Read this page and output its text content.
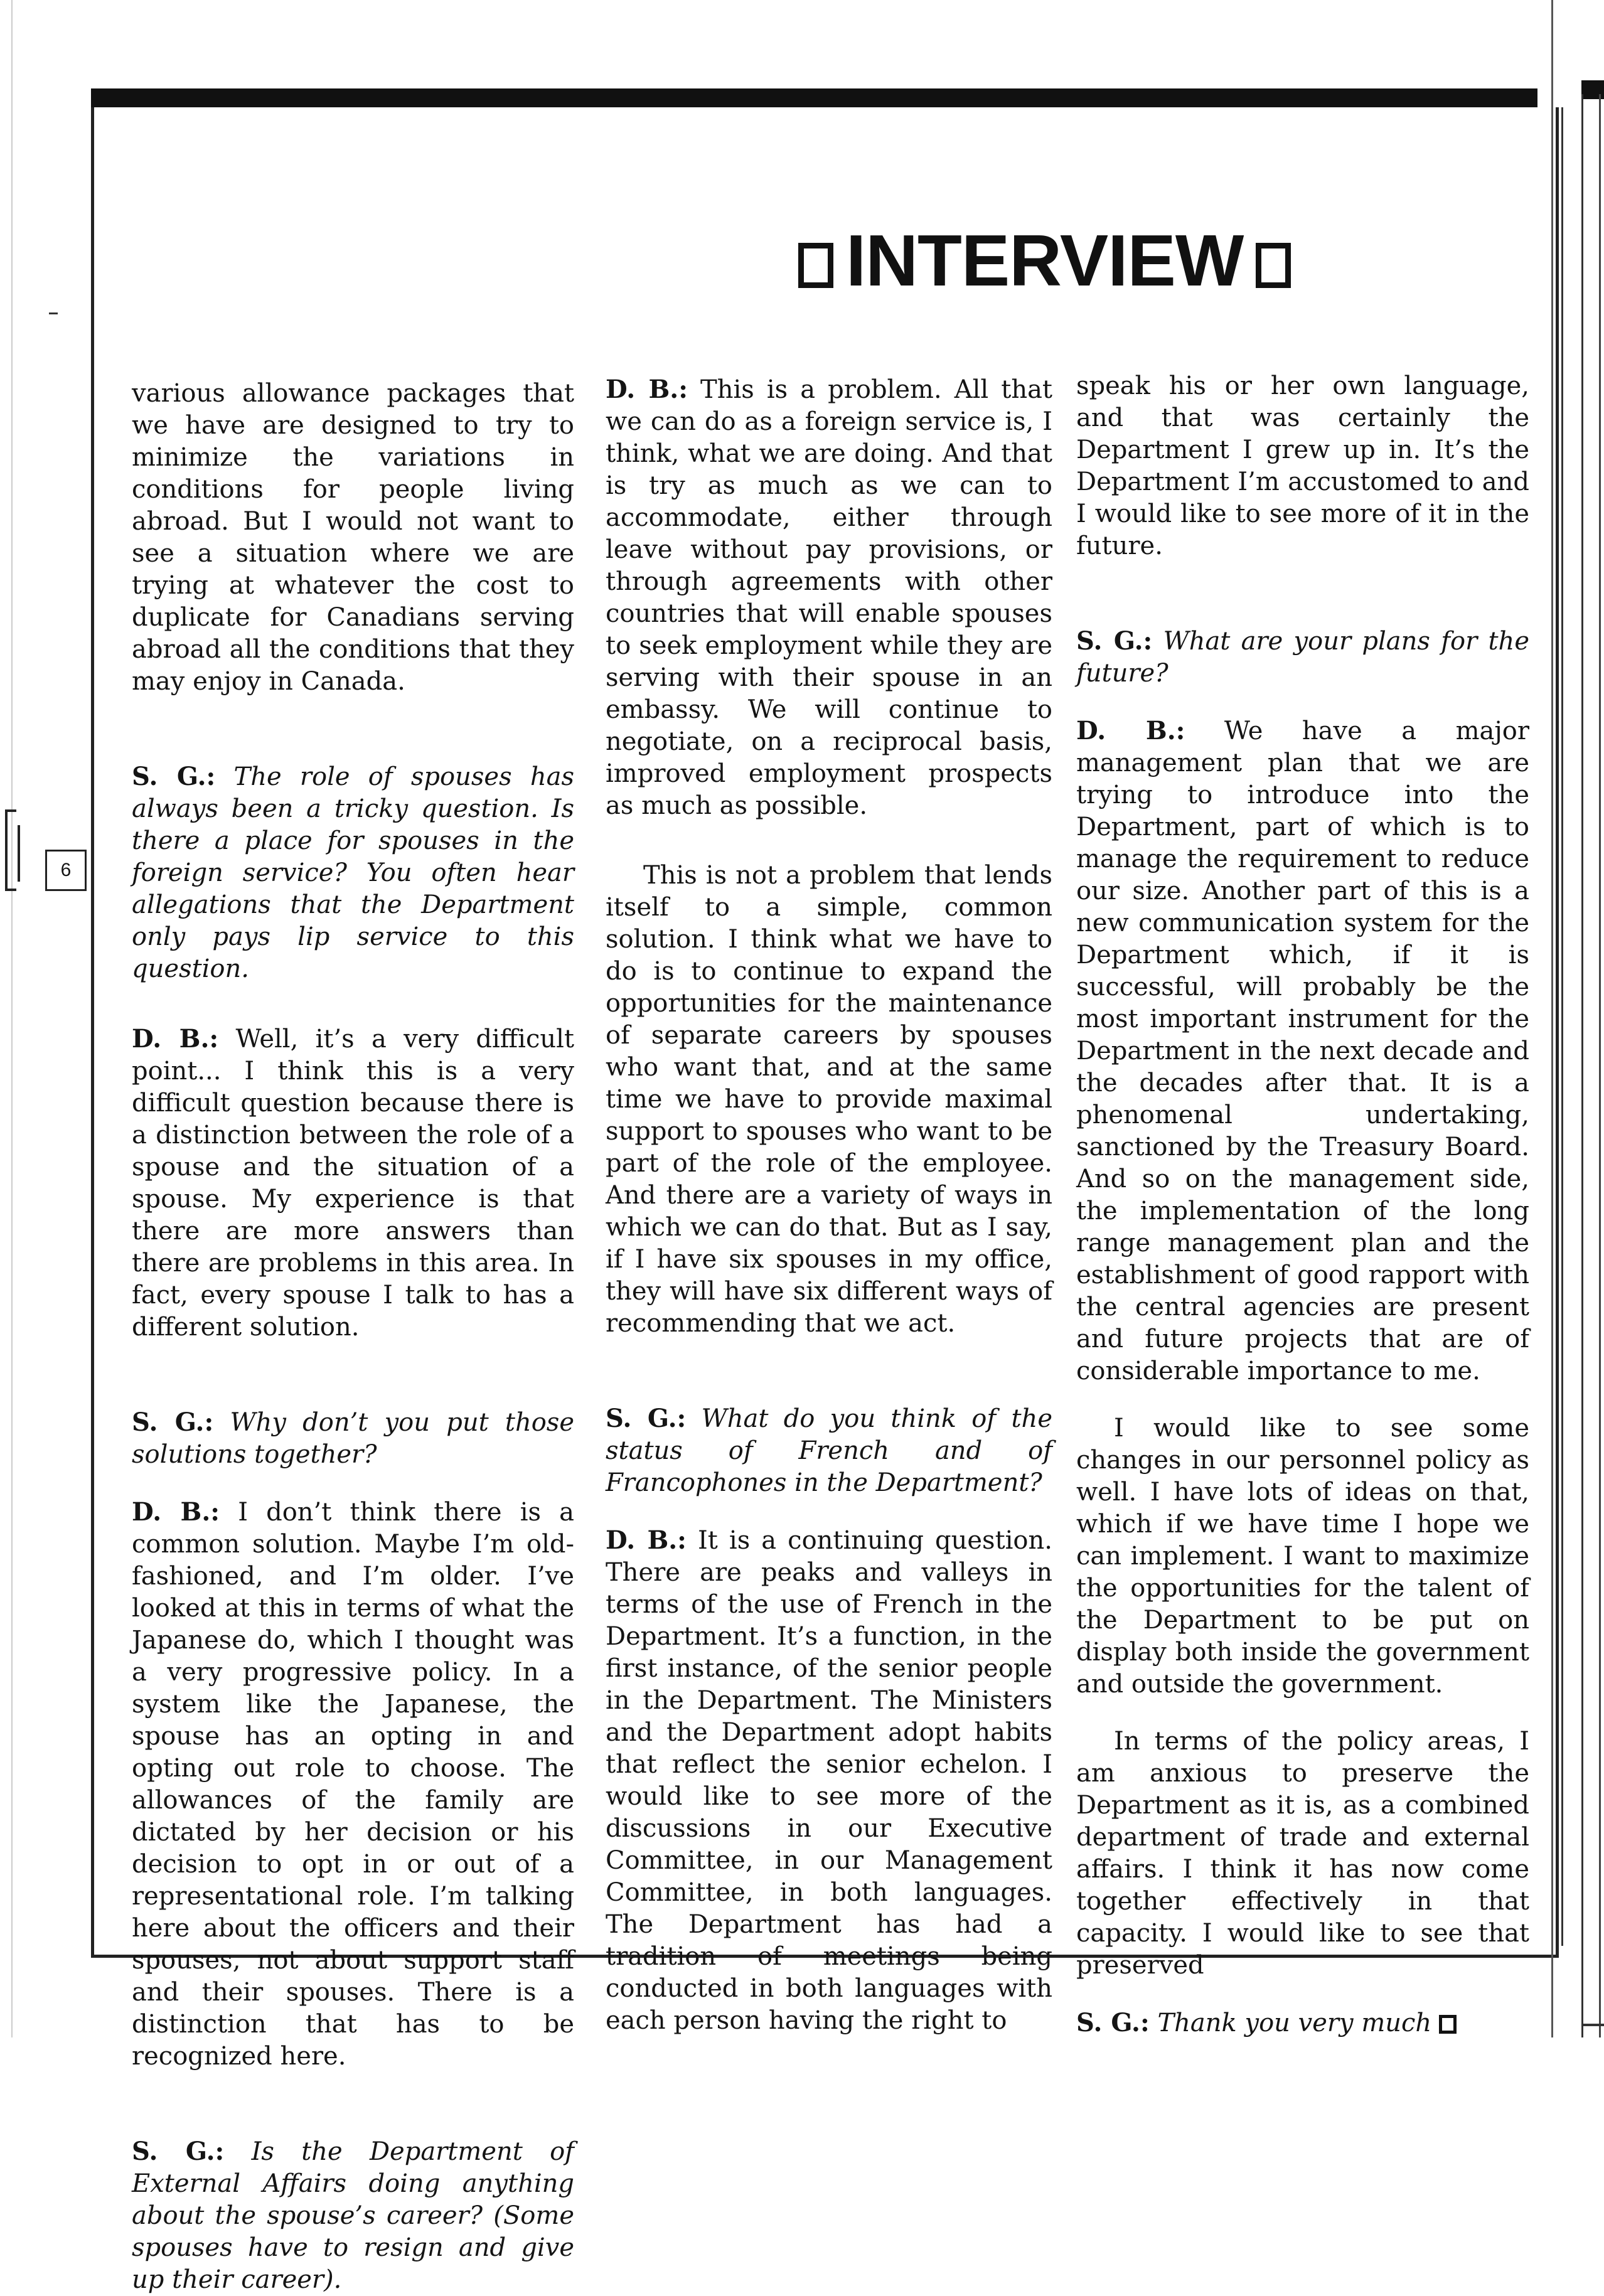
6
INTERVIEW

various allowance packages that we have are designed to try to minimize the variations in conditions for people living abroad. But I would not want to see a situation where we are trying at whatever the cost to duplicate for Canadians serving abroad all the conditions that they may enjoy in Canada.

S. G.: The role of spouses has always been a tricky question. Is there a place for spouses in the foreign service? You often hear allegations that the Department only pays lip service to this question.

D. B.: Well, it’s a very difficult point... I think this is a very difficult question because there is a distinction between the role of a spouse and the situation of a spouse. My experience is that there are more answers than there are problems in this area. In fact, every spouse I talk to has a different solution.

S. G.: Why don’t you put those solutions together?

D. B.: I don’t think there is a common solution. Maybe I’m old-fashioned, and I’m older. I’ve looked at this in terms of what the Japanese do, which I thought was a very progressive policy. In a system like the Japanese, the spouse has an opting in and opting out role to choose. The allowances of the family are dictated by her decision or his decision to opt in or out of a representational role. I’m talking here about the officers and their spouses, not about support staff and their spouses. There is a distinction that has to be recognized here.

S. G.: Is the Department of External Affairs doing anything about the spouse’s career? (Some spouses have to resign and give up their career).

D. B.: This is a problem. All that we can do as a foreign service is, I think, what we are doing. And that is try as much as we can to accommodate, either through leave without pay provisions, or through agreements with other countries that will enable spouses to seek employment while they are serving with their spouse in an embassy. We will continue to negotiate, on a reciprocal basis, improved employment prospects as much as possible.

This is not a problem that lends itself to a simple, common solution. I think what we have to do is to continue to expand the opportunities for the maintenance of separate careers by spouses who want that, and at the same time we have to provide maximal support to spouses who want to be part of the role of the employee. And there are a variety of ways in which we can do that. But as I say, if I have six spouses in my office, they will have six different ways of recommending that we act.

S. G.: What do you think of the status of French and of Francophones in the Department?

D. B.: It is a continuing question. There are peaks and valleys in terms of the use of French in the Department. It’s a function, in the first instance, of the senior people in the Department. The Ministers and the Department adopt habits that reflect the senior echelon. I would like to see more of the discussions in our Executive Committee, in our Management Committee, in both languages. The Department has had a tradition of meetings being conducted in both languages with each person having the right to

speak his or her own language, and that was certainly the Department I grew up in. It’s the Department I’m accustomed to and I would like to see more of it in the future.

S. G.: What are your plans for the future?

D. B.: We have a major management plan that we are trying to introduce into the Department, part of which is to manage the requirement to reduce our size. Another part of this is a new communication system for the Department which, if it is successful, will probably be the most important instrument for the Department in the next decade and the decades after that. It is a phenomenal undertaking, sanctioned by the Treasury Board. And so on the management side, the implementation of the long range management plan and the establishment of good rapport with the central agencies are present and future projects that are of considerable importance to me.

I would like to see some changes in our personnel policy as well. I have lots of ideas on that, which if we have time I hope we can implement. I want to maximize the opportunities for the talent of the Department to be put on display both inside the government and outside the government.

In terms of the policy areas, I am anxious to preserve the Department as it is, as a combined department of trade and external affairs. I think it has now come together effectively in that capacity. I would like to see that preserved

S. G.: Thank you very much
